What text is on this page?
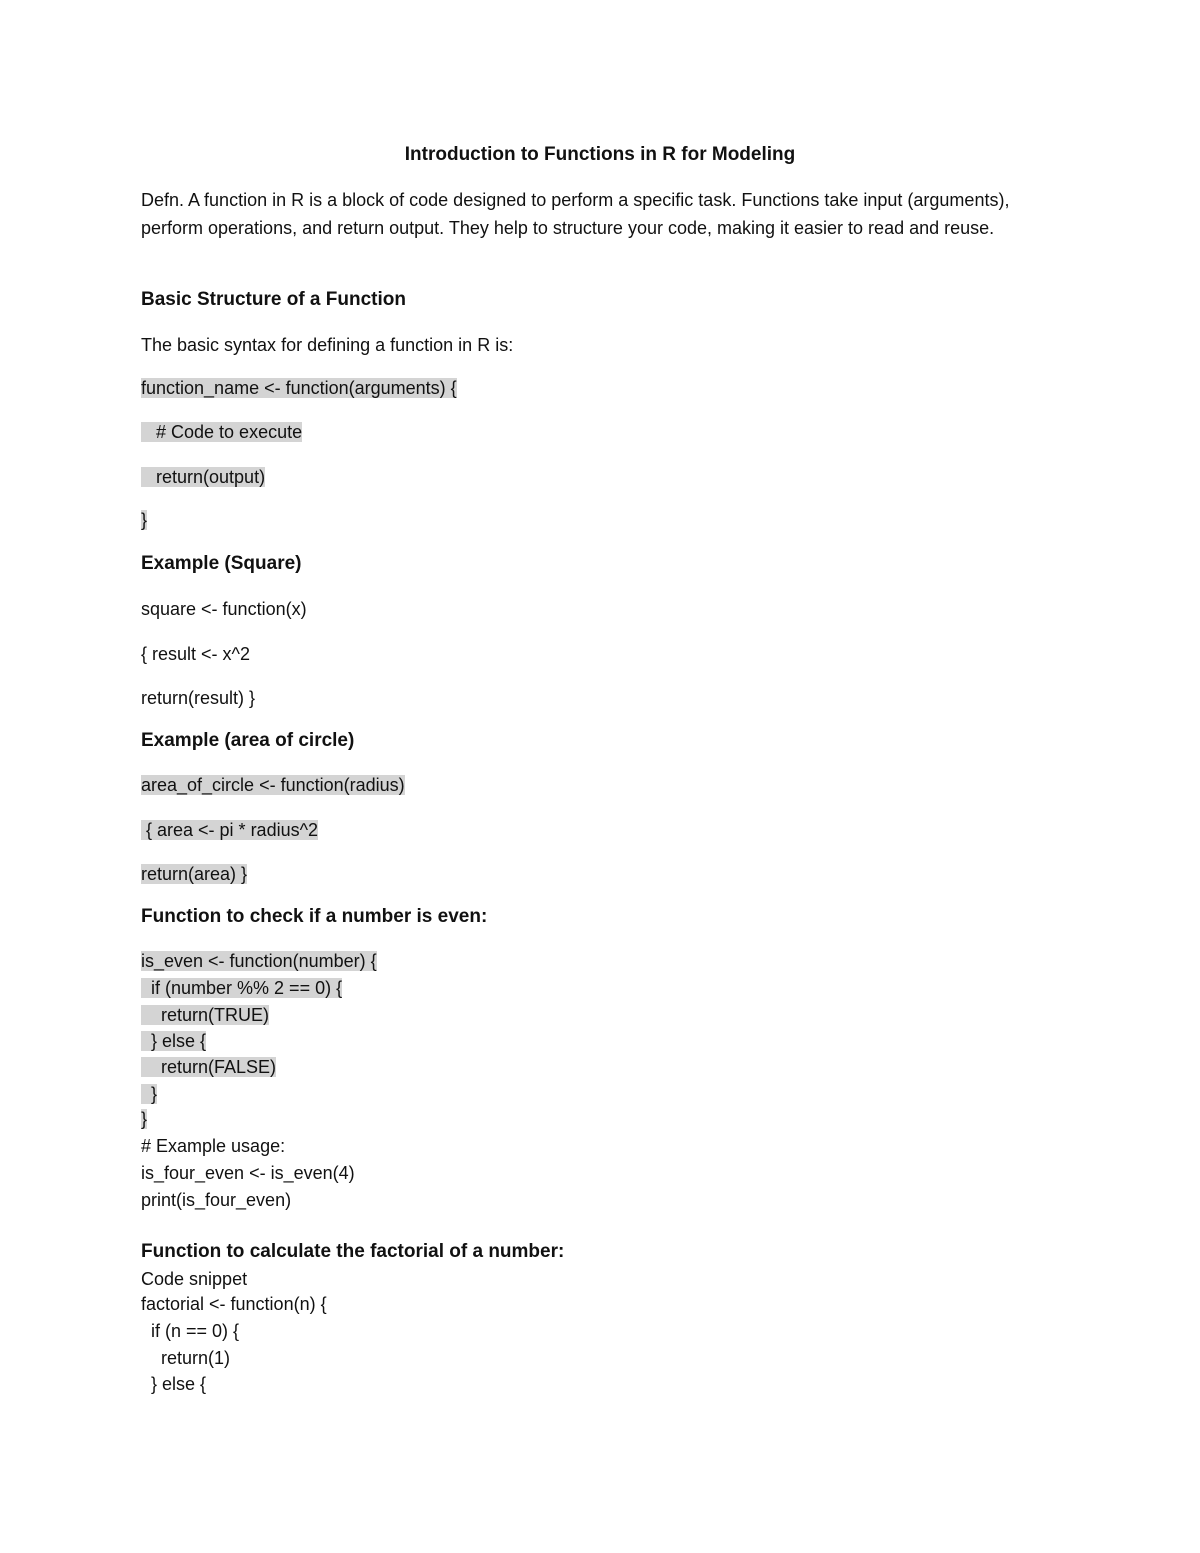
Introduction to Functions in R for Modeling
Defn. A function in R is a block of code designed to perform a specific task. Functions take input (arguments), perform operations, and return output. They help to structure your code, making it easier to read and reuse.
Basic Structure of a Function
The basic syntax for defining a function in R is:
function_name <- function(arguments) {
# Code to execute
return(output)
}
Example (Square)
square <- function(x)
{ result <- x^2
return(result) }
Example (area of circle)
area_of_circle <- function(radius)
{ area <- pi * radius^2
return(area) }
Function to check if a number is even:
is_even <- function(number) {
if (number %% 2 == 0) {
return(TRUE)
} else {
return(FALSE)
}
}
# Example usage:
is_four_even <- is_even(4)
print(is_four_even)
Function to calculate the factorial of a number:
Code snippet
factorial <- function(n) {
if (n == 0) {
return(1)
} else {
